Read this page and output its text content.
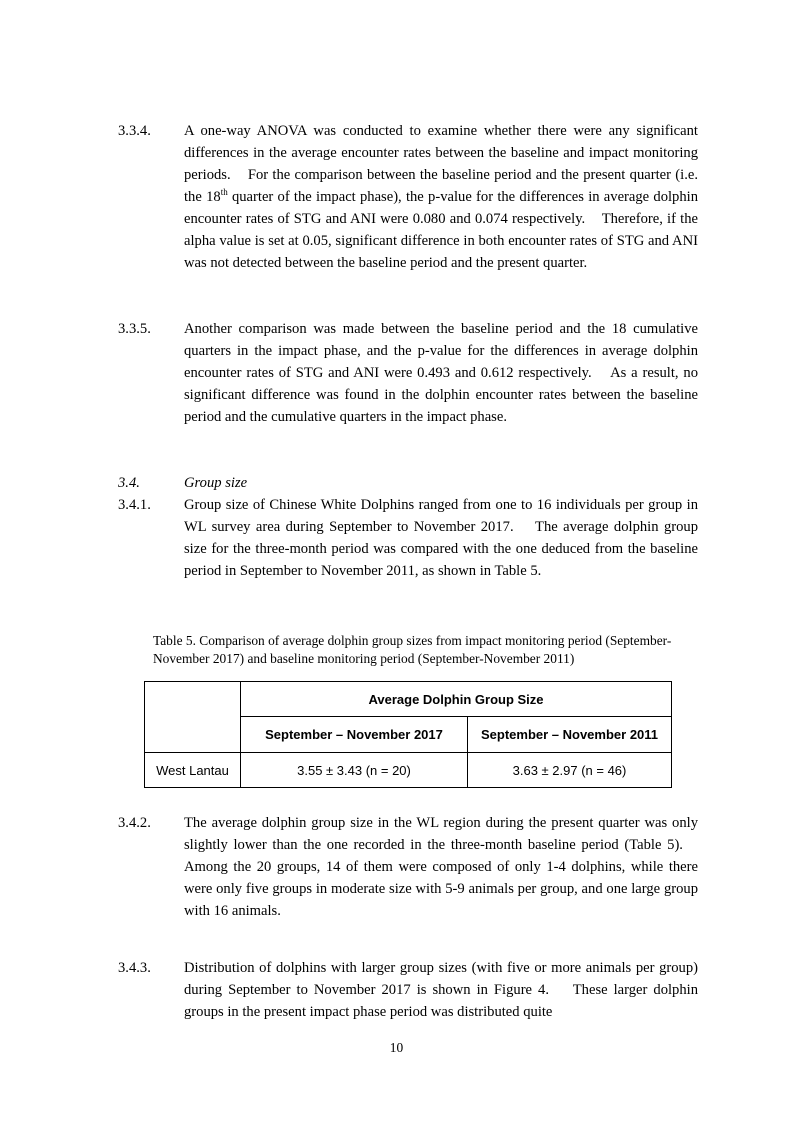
3.3.4. A one-way ANOVA was conducted to examine whether there were any significant differences in the average encounter rates between the baseline and impact monitoring periods.    For the comparison between the baseline period and the present quarter (i.e. the 18th quarter of the impact phase), the p-value for the differences in average dolphin encounter rates of STG and ANI were 0.080 and 0.074 respectively.    Therefore, if the alpha value is set at 0.05, significant difference in both encounter rates of STG and ANI was not detected between the baseline period and the present quarter.
3.3.5. Another comparison was made between the baseline period and the 18 cumulative quarters in the impact phase, and the p-value for the differences in average dolphin encounter rates of STG and ANI were 0.493 and 0.612 respectively.    As a result, no significant difference was found in the dolphin encounter rates between the baseline period and the cumulative quarters in the impact phase.
3.4.	Group size
3.4.1. Group size of Chinese White Dolphins ranged from one to 16 individuals per group in WL survey area during September to November 2017.    The average dolphin group size for the three-month period was compared with the one deduced from the baseline period in September to November 2011, as shown in Table 5.
Table 5. Comparison of average dolphin group sizes from impact monitoring period (September-November 2017) and baseline monitoring period (September-November 2011)
	Average Dolphin Group Size	
	September – November 2017	September – November 2011
West Lantau	3.55 ± 3.43 (n = 20)	3.63 ± 2.97 (n = 46)
3.4.2. The average dolphin group size in the WL region during the present quarter was only slightly lower than the one recorded in the three-month baseline period (Table 5).    Among the 20 groups, 14 of them were composed of only 1-4 dolphins, while there were only five groups in moderate size with 5-9 animals per group, and one large group with 16 animals.
3.4.3. Distribution of dolphins with larger group sizes (with five or more animals per group) during September to November 2017 is shown in Figure 4.    These larger dolphin groups in the present impact phase period was distributed quite
10
